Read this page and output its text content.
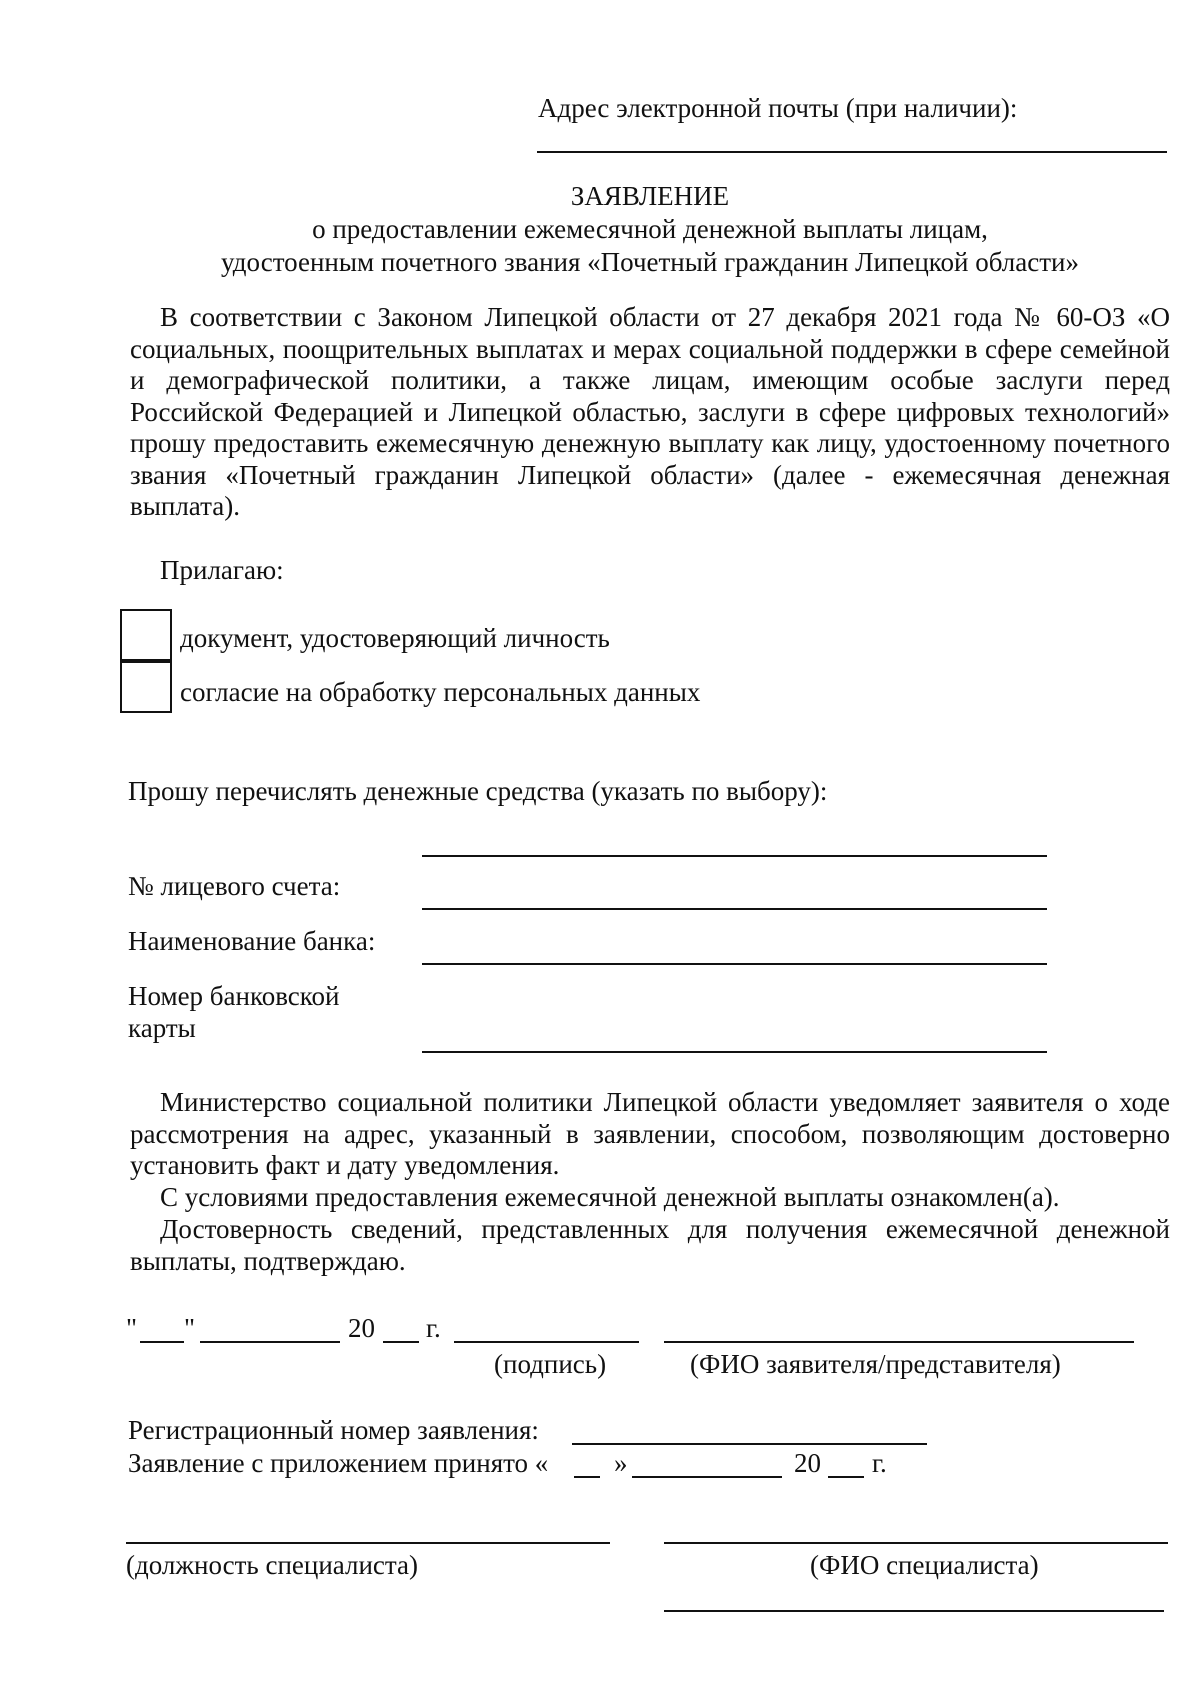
Адрес электронной почты (при наличии):
ЗАЯВЛЕНИЕ
о предоставлении ежемесячной денежной выплаты лицам,
удостоенным почетного звания «Почетный гражданин Липецкой области»
В соответствии с Законом Липецкой области от 27 декабря 2021 года № 60-ОЗ «О социальных, поощрительных выплатах и мерах социальной поддержки в сфере семейной и демографической политики, а также лицам, имеющим особые заслуги перед Российской Федерацией и Липецкой областью, заслуги в сфере цифровых технологий» прошу предоставить ежемесячную денежную выплату как лицу, удостоенному почетного звания «Почетный гражданин Липецкой области» (далее - ежемесячная денежная выплата).
Прилагаю:
документ, удостоверяющий личность
согласие на обработку персональных данных
Прошу перечислять денежные средства (указать по выбору):
№ лицевого счета:
Наименование банка:
Номер банковской
карты
Министерство социальной политики Липецкой области уведомляет заявителя о ходе рассмотрения на адрес, указанный в заявлении, способом, позволяющим достоверно установить факт и дату уведомления.
С условиями предоставления ежемесячной денежной выплаты ознакомлен(а).
Достоверность сведений, представленных для получения ежемесячной денежной выплаты, подтверждаю.
" "	20 г.
(подпись)	(ФИО заявителя/представителя)
Регистрационный номер заявления:
Заявление с приложением принято « »	20 г.
(должность специалиста)	(ФИО специалиста)
